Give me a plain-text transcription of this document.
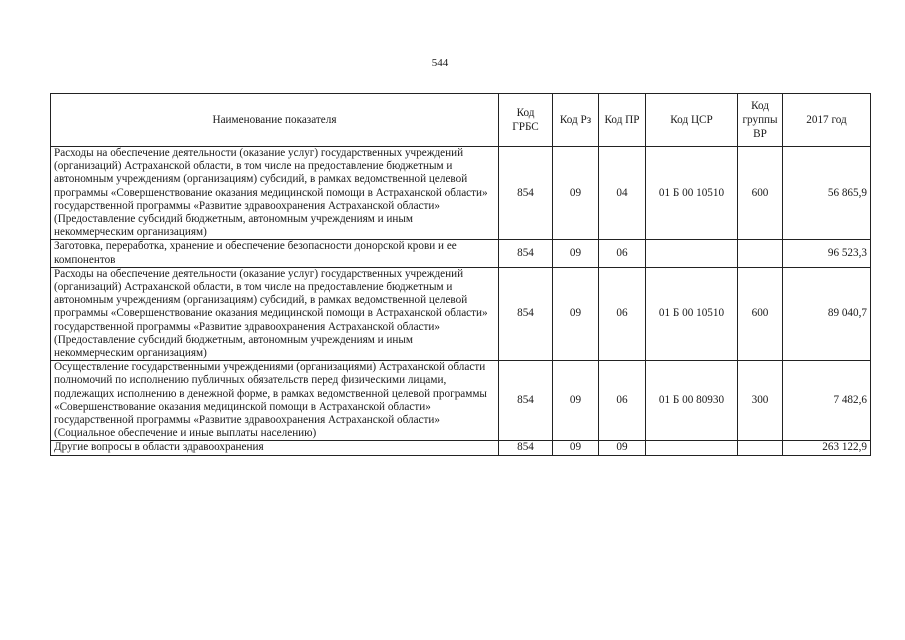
544
Наименование показателя	Код ГРБС	Код Рз	Код ПР	Код ЦСР	Код группы ВР	2017 год
Расходы на обеспечение деятельности (оказание услуг) государственных учреждений (организаций) Астраханской области, в том числе на предоставление бюджетным и автономным учреждениям (организациям) субсидий, в рамках ведомственной целевой программы «Совершенствование оказания медицинской помощи в Астраханской области» государственной программы «Развитие здравоохранения Астраханской области» (Предоставление субсидий бюджетным, автономным учреждениям и иным некоммерческим организациям)	854	09	04	01 Б 00 10510	600	56 865,9
Заготовка, переработка, хранение и обеспечение безопасности донорской крови и ее компонентов	854	09	06			96 523,3
Расходы на обеспечение деятельности (оказание услуг) государственных учреждений (организаций) Астраханской области, в том числе на предоставление бюджетным и автономным учреждениям (организациям) субсидий, в рамках ведомственной целевой программы «Совершенствование оказания медицинской помощи в Астраханской области» государственной программы «Развитие здравоохранения Астраханской области» (Предоставление субсидий бюджетным, автономным учреждениям и иным некоммерческим организациям)	854	09	06	01 Б 00 10510	600	89 040,7
Осуществление государственными учреждениями (организациями) Астраханской области полномочий по исполнению публичных обязательств перед физическими лицами, подлежащих исполнению в денежной форме, в рамках ведомственной целевой программы «Совершенствование оказания медицинской помощи в Астраханской области» государственной программы «Развитие здравоохранения Астраханской области» (Социальное обеспечение и иные выплаты населению)	854	09	06	01 Б 00 80930	300	7 482,6
Другие вопросы в области здравоохранения	854	09	09			263 122,9
